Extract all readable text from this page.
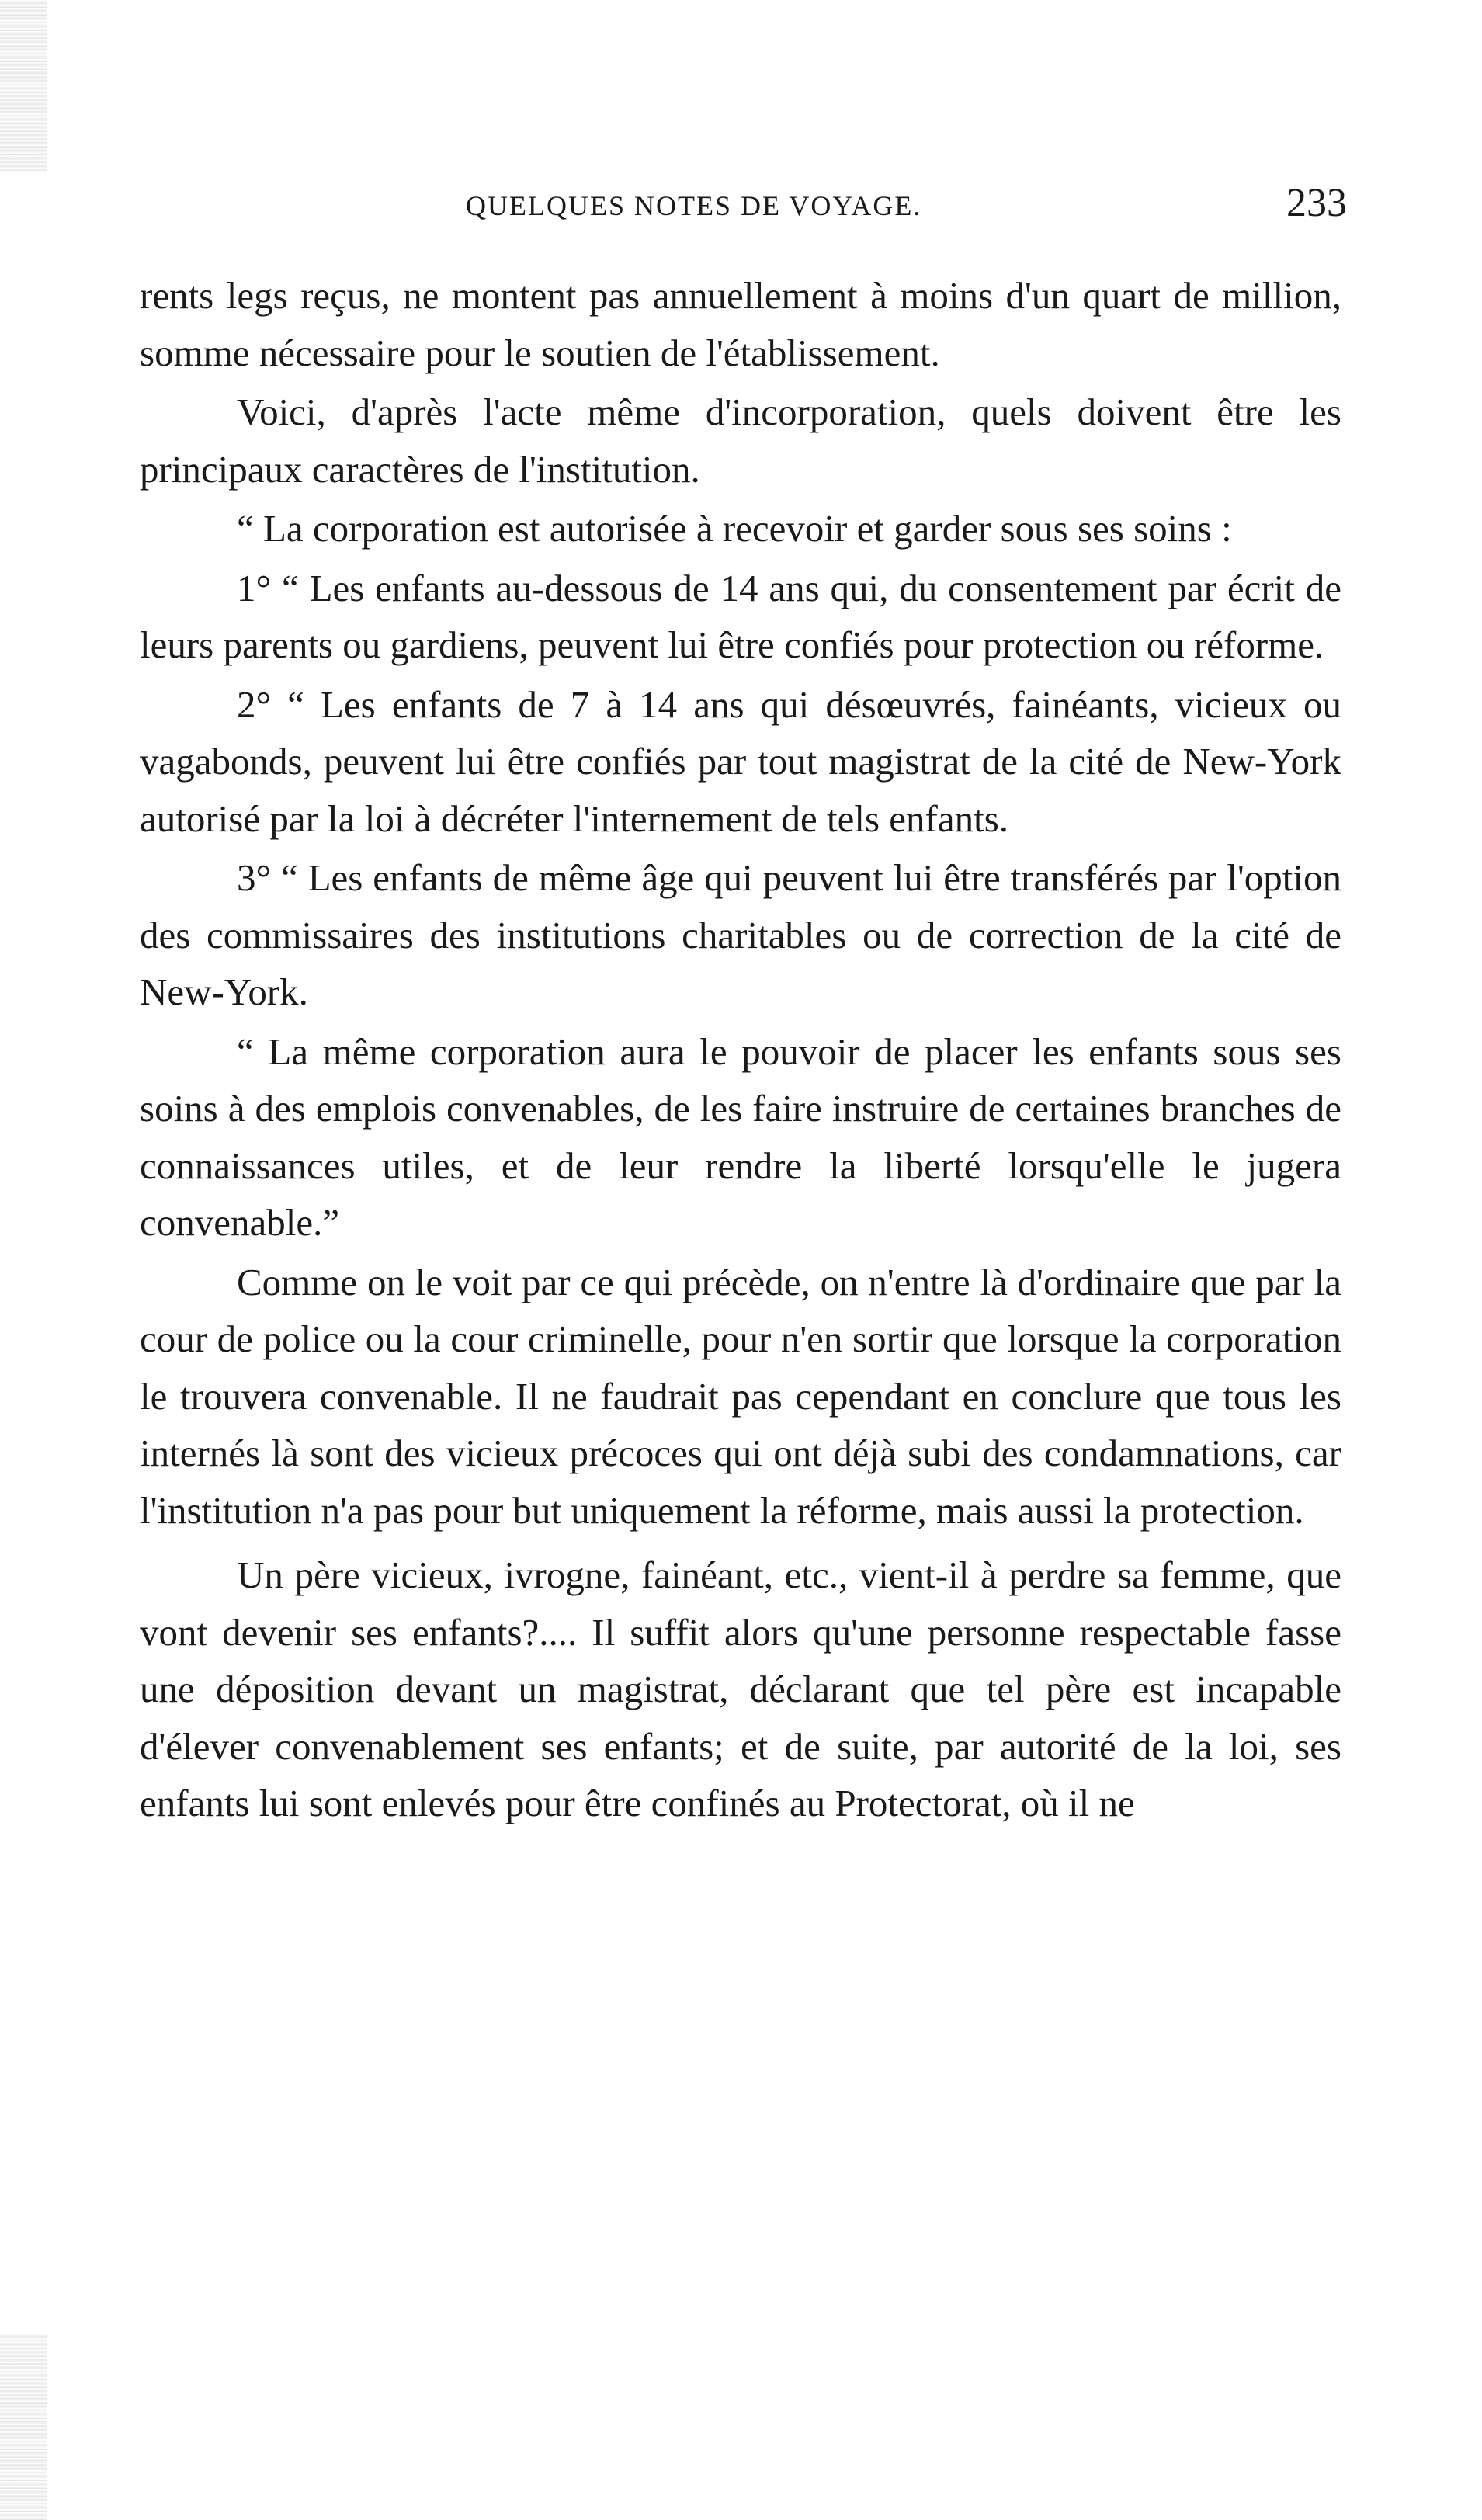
QUELQUES NOTES DE VOYAGE.	233

rents legs reçus, ne montent pas annuellement à moins d'un quart de million, somme nécessaire pour le soutien de l'établissement.

Voici, d'après l'acte même d'incorporation, quels doivent être les principaux caractères de l'institution.

“ La corporation est autorisée à recevoir et garder sous ses soins :

1° “ Les enfants au-dessous de 14 ans qui, du consentement par écrit de leurs parents ou gardiens, peuvent lui être confiés pour protection ou réforme.

2° “ Les enfants de 7 à 14 ans qui désœuvrés, fainéants, vicieux ou vagabonds, peuvent lui être confiés par tout magistrat de la cité de New-York autorisé par la loi à décréter l'internement de tels enfants.

3° “ Les enfants de même âge qui peuvent lui être transférés par l'option des commissaires des institutions charitables ou de correction de la cité de New-York.

“ La même corporation aura le pouvoir de placer les enfants sous ses soins à des emplois convenables, de les faire instruire de certaines branches de connaissances utiles, et de leur rendre la liberté lorsqu'elle le jugera convenable.”

Comme on le voit par ce qui précède, on n'entre là d'ordinaire que par la cour de police ou la cour criminelle, pour n'en sortir que lorsque la corporation le trouvera convenable. Il ne faudrait pas cependant en conclure que tous les internés là sont des vicieux précoces qui ont déjà subi des condamnations, car l'institution n'a pas pour but uniquement la réforme, mais aussi la protection.

Un père vicieux, ivrogne, fainéant, etc., vient-il à perdre sa femme, que vont devenir ses enfants?.... Il suffit alors qu'une personne respectable fasse une déposition devant un magistrat, déclarant que tel père est incapable d'élever convenablement ses enfants; et de suite, par autorité de la loi, ses enfants lui sont enlevés pour être confinés au Protectorat, où il ne
